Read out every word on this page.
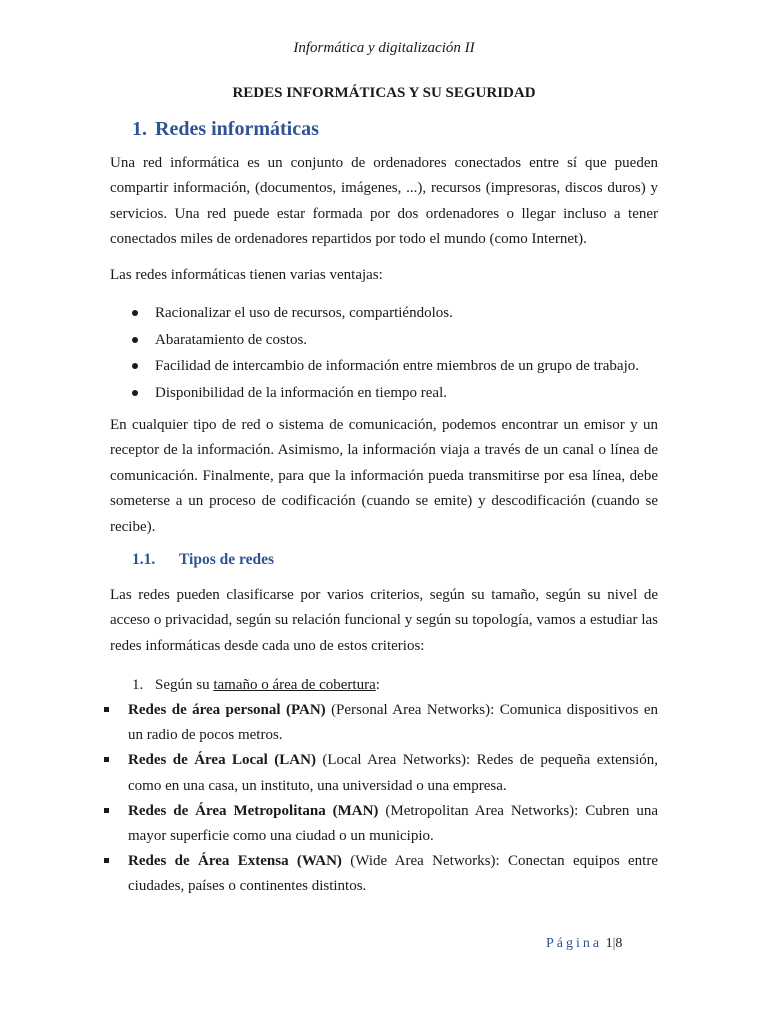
Informática y digitalización II
REDES INFORMÁTICAS Y SU SEGURIDAD
1. Redes informáticas
Una red informática es un conjunto de ordenadores conectados entre sí que pueden compartir información, (documentos, imágenes, ...), recursos (impresoras, discos duros) y servicios. Una red puede estar formada por dos ordenadores o llegar incluso a tener conectados miles de ordenadores repartidos por todo el mundo (como Internet).
Las redes informáticas tienen varias ventajas:
Racionalizar el uso de recursos, compartiéndolos.
Abaratamiento de costos.
Facilidad de intercambio de información entre miembros de un grupo de trabajo.
Disponibilidad de la información en tiempo real.
En cualquier tipo de red o sistema de comunicación, podemos encontrar un emisor y un receptor de la información. Asimismo, la información viaja a través de un canal o línea de comunicación. Finalmente, para que la información pueda transmitirse por esa línea, debe someterse a un proceso de codificación (cuando se emite) y descodificación (cuando se recibe).
1.1. Tipos de redes
Las redes pueden clasificarse por varios criterios, según su tamaño, según su nivel de acceso o privacidad, según su relación funcional y según su topología, vamos a estudiar las redes informáticas desde cada uno de estos criterios:
1. Según su tamaño o área de cobertura:
Redes de área personal (PAN) (Personal Area Networks): Comunica dispositivos en un radio de pocos metros.
Redes de Área Local (LAN) (Local Area Networks): Redes de pequeña extensión, como en una casa, un instituto, una universidad o una empresa.
Redes de Área Metropolitana (MAN) (Metropolitan Area Networks): Cubren una mayor superficie como una ciudad o un municipio.
Redes de Área Extensa (WAN) (Wide Area Networks): Conectan equipos entre ciudades, países o continentes distintos.
Página 1|8
